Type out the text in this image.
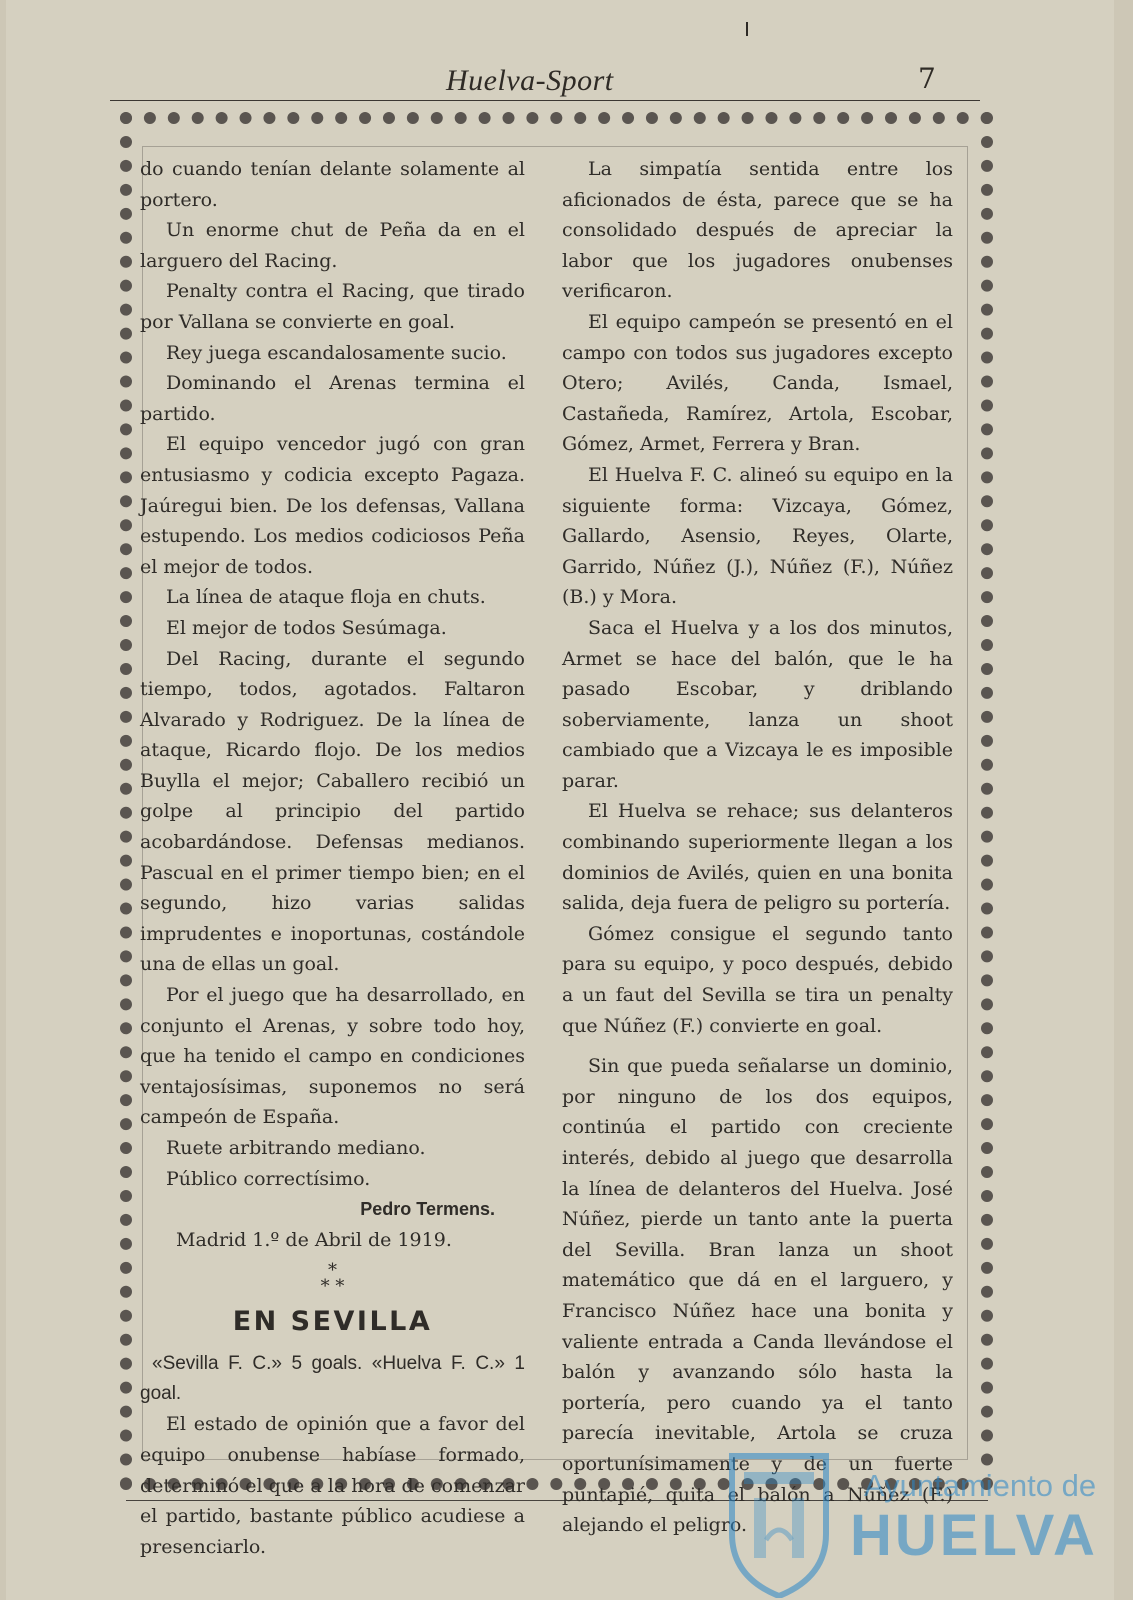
Huelva-Sport	7

do cuando tenían delante solamente al portero.

Un enorme chut de Peña da en el larguero del Racing.

Penalty contra el Racing, que tirado por Vallana se convierte en goal.

Rey juega escandalosamente sucio.

Dominando el Arenas termina el partido.

El equipo vencedor jugó con gran entusiasmo y codicia excepto Pagaza. Jaúregui bien. De los defensas, Vallana estupendo. Los medios codiciosos Peña el mejor de todos.

La línea de ataque floja en chuts.

El mejor de todos Sesúmaga.

Del Racing, durante el segundo tiempo, todos, agotados. Faltaron Alvarado y Rodriguez. De la línea de ataque, Ricardo flojo. De los medios Buylla el mejor; Caballero recibió un golpe al principio del partido acobardándose. Defensas medianos. Pascual en el primer tiempo bien; en el segundo, hizo varias salidas imprudentes e inoportunas, costándole una de ellas un goal.

Por el juego que ha desarrollado, en conjunto el Arenas, y sobre todo hoy, que ha tenido el campo en condiciones ventajosísimas, suponemos no será campeón de España.

Ruete arbitrando mediano.

Público correctísimo.

Pedro Termens.

Madrid 1.º de Abril de 1919.

*
* *
EN SEVILLA

«Sevilla F. C.» 5 goals. «Huelva F. C.» 1 goal.

El estado de opinión que a favor del equipo onubense habíase formado, determinó el que a la hora de comenzar el partido, bastante público acudiese a presenciarlo.

La simpatía sentida entre los aficionados de ésta, parece que se ha consolidado después de apreciar la labor que los jugadores onubenses verificaron.

El equipo campeón se presentó en el campo con todos sus jugadores excepto Otero; Avilés, Canda, Ismael, Castañeda, Ramírez, Artola, Escobar, Gómez, Armet, Ferrera y Bran.

El Huelva F. C. alineó su equipo en la siguiente forma: Vizcaya, Gómez, Gallardo, Asensio, Reyes, Olarte, Garrido, Núñez (J.), Núñez (F.), Núñez (B.) y Mora.

Saca el Huelva y a los dos minutos, Armet se hace del balón, que le ha pasado Escobar, y driblando soberviamente, lanza un shoot cambiado que a Vizcaya le es imposible parar.

El Huelva se rehace; sus delanteros combinando superiormente llegan a los dominios de Avilés, quien en una bonita salida, deja fuera de peligro su portería.

Gómez consigue el segundo tanto para su equipo, y poco después, debido a un faut del Sevilla se tira un penalty que Núñez (F.) convierte en goal.

Sin que pueda señalarse un dominio, por ninguno de los dos equipos, continúa el partido con creciente interés, debido al juego que desarrolla la línea de delanteros del Huelva. José Núñez, pierde un tanto ante la puerta del Sevilla. Bran lanza un shoot matemático que dá en el larguero, y Francisco Núñez hace una bonita y valiente entrada a Canda llevándose el balón y avanzando sólo hasta la portería, pero cuando ya el tanto parecía inevitable, Artola se cruza oportunísimamente y de un fuerte puntapié, quita el balón a Núñez (F.) alejando el peligro.

Ayuntamiento de
HUELVA
